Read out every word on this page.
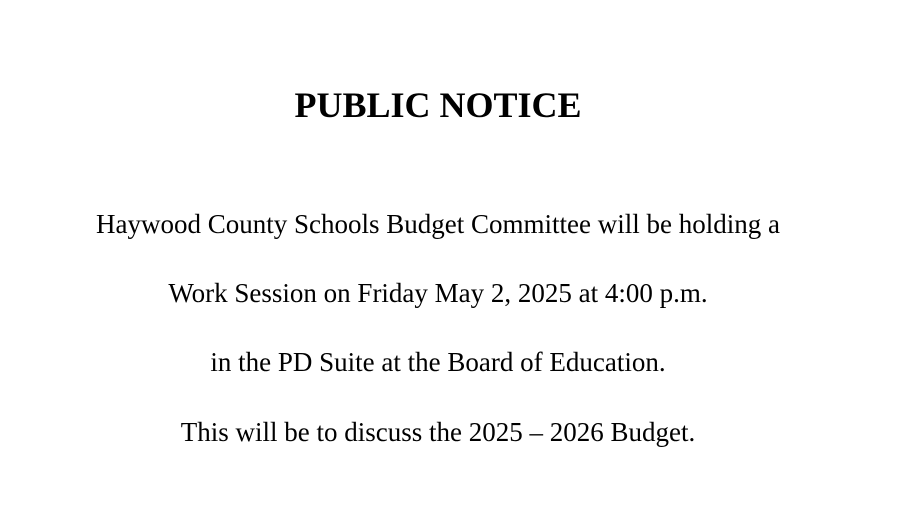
PUBLIC NOTICE
Haywood County Schools Budget Committee will be holding a
Work Session on Friday May 2, 2025 at 4:00 p.m.
in the PD Suite at the Board of Education.
This will be to discuss the 2025 – 2026 Budget.
